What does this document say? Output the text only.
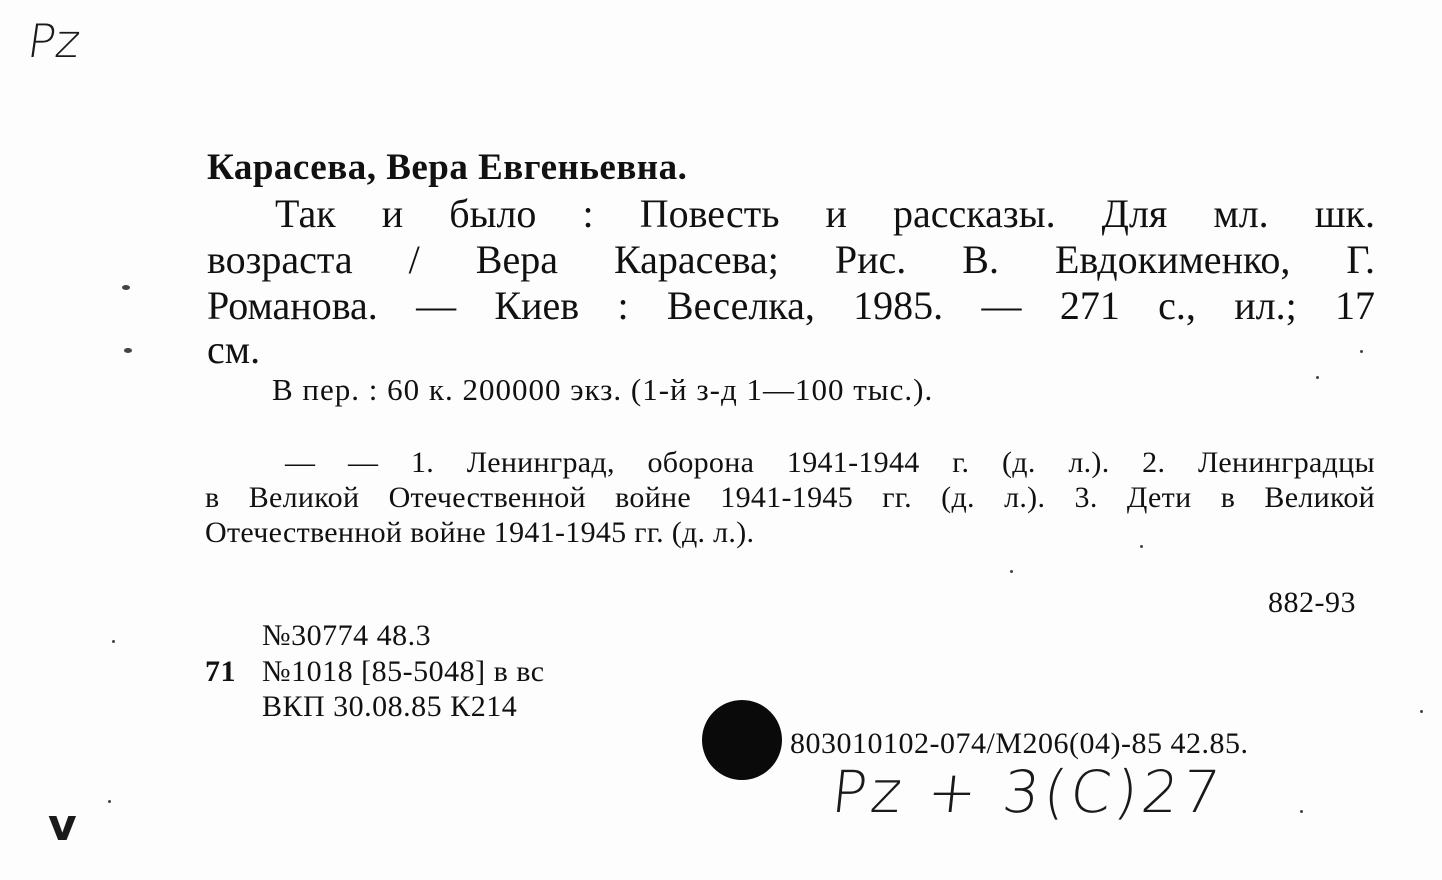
Pz
Карасева, Вера Евгеньевна.
Так и было : Повесть и рассказы. Для мл. шк.
возраста / Вера Карасева; Рис. В. Евдокименко, Г.
Романова. — Киев : Веселка, 1985. — 271 с., ил.; 17
см.
В пер. : 60 к. 200000 экз. (1-й з-д 1—100 тыс.).
— — 1. Ленинград, оборона 1941-1944 г. (д. л.). 2. Ленинградцы
в Великой Отечественной войне 1941-1945 гг. (д. л.). 3. Дети в Великой
Отечественной войне 1941-1945 гг. (д. л.).
882-93
№30774 48.3
71 №1018 [85-5048] в вс
ВКП 30.08.85 К214
803010102-074/М206(04)-85 42.85.
Pz + 3(C)27
v
